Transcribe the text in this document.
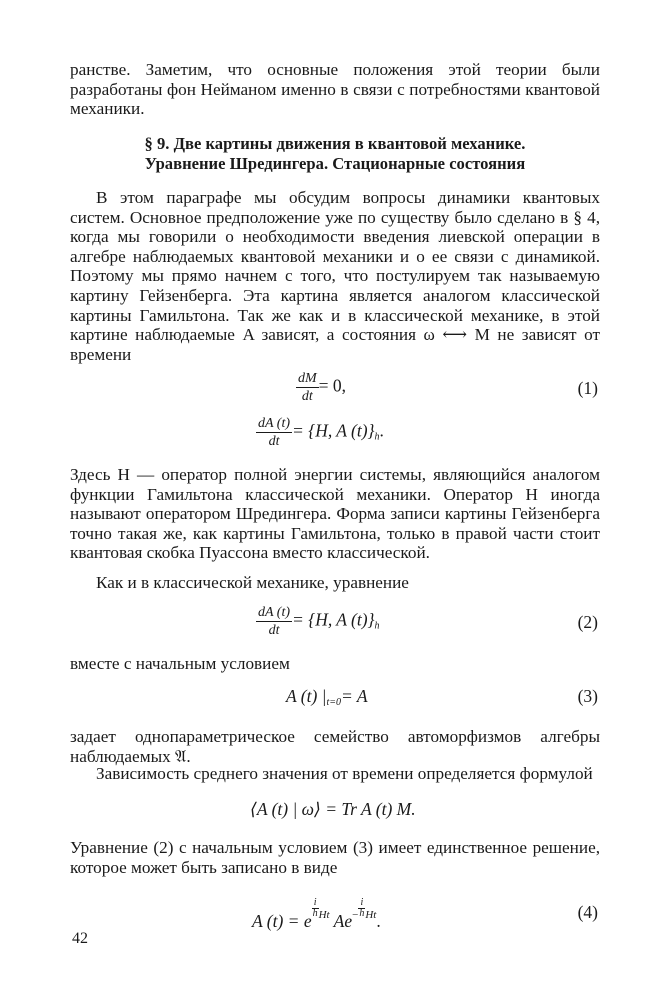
ранстве. Заметим, что основные положения этой теории были разработаны фон Нейманом именно в связи с потребностями квантовой механики.

§ 9. Две картины движения в квантовой механике.
Уравнение Шредингера. Стационарные состояния

В этом параграфе мы обсудим вопросы динамики квантовых систем. Основное предположение уже по существу было сделано в § 4, когда мы говорили о необходимости введения лиевской операции в алгебре наблюдаемых квантовой механики и о ее связи с динамикой. Поэтому мы прямо начнем с того, что постулируем так называемую картину Гейзенберга. Эта картина является аналогом классической картины Гамильтона. Так же как и в классической механике, в этой картине наблюдаемые A зависят, а состояния ω ⟷ M не зависят от времени

$\frac{dM}{dt} = 0$,	(1)
$\frac{dA (t)}{dt} = \{H$, A $(t)\}_h$.

Здесь H — оператор полной энергии системы, являющийся аналогом функции Гамильтона классической механики. Оператор H иногда называют оператором Шредингера. Форма записи картины Гейзенберга точно такая же, как картины Гамильтона, только в правой части стоит квантовая скобка Пуассона вместо классической.

Как и в классической механике, уравнение

$\frac{dA (t)}{dt} = \{H$, A $(t)\}_h$	(2)

вместе с начальным условием

A (t) $|_{t=0}= A$	(3)

задает однопараметрическое семейство автоморфизмов алгебры наблюдаемых 𝔄.

Зависимость среднего значения от времени определяется формулой

⟨A (t) | ω⟩ = Tr A (t) M.

Уравнение (2) с начальным условием (3) имеет единственное решение, которое может быть записано в виде

A (t) = e
$\frac{i}{h} ^{Ht}$ $Ae^- \frac{i}{h} ^{Ht}$.	(4)
42
